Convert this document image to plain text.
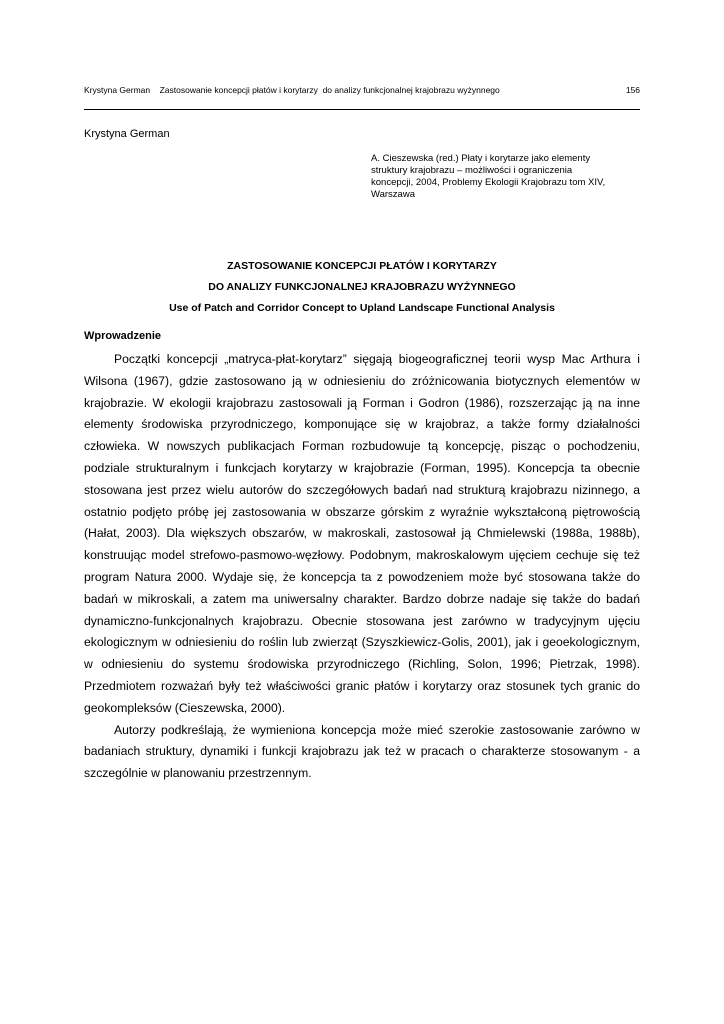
Krystyna German    Zastosowanie koncepcji płatów i korytarzy  do analizy funkcjonalnej krajobrazu wyżynnego	156
Krystyna German
A. Cieszewska (red.) Płaty i korytarze jako elementy struktury krajobrazu – możliwości i ograniczenia koncepcji, 2004, Problemy Ekologii Krajobrazu tom XIV, Warszawa
ZASTOSOWANIE KONCEPCJI PŁATÓW I KORYTARZY
DO ANALIZY FUNKCJONALNEJ KRAJOBRAZU WYŻYNNEGO
Use of Patch and Corridor Concept to Upland Landscape Functional Analysis
Wprowadzenie

Początki koncepcji „matryca-płat-korytarz” sięgają biogeograficznej teorii wysp Mac Arthura i Wilsona (1967), gdzie zastosowano ją w odniesieniu do zróżnicowania biotycznych elementów w krajobrazie. W ekologii krajobrazu zastosowali ją Forman i Godron (1986), rozszerzając ją na inne elementy środowiska przyrodniczego, komponujące się w krajobraz, a także formy działalności człowieka. W nowszych publikacjach Forman rozbudowuje tą koncepcję, pisząc o pochodzeniu, podziale strukturalnym i funkcjach korytarzy w krajobrazie (Forman, 1995). Koncepcja ta obecnie stosowana jest przez wielu autorów do szczegółowych badań nad strukturą krajobrazu nizinnego, a ostatnio podjęto próbę jej zastosowania w obszarze górskim z wyraźnie wykształconą piętrowością (Hałat, 2003). Dla większych obszarów, w makroskali, zastosował ją Chmielewski (1988a, 1988b), konstruując model strefowo-pasmowo-węzłowy. Podobnym, makroskalowym ujęciem cechuje się też program Natura 2000. Wydaje się, że koncepcja ta z powodzeniem może być stosowana także do badań w mikroskali, a zatem ma uniwersalny charakter. Bardzo dobrze nadaje się także do badań dynamiczno-funkcjonalnych krajobrazu. Obecnie stosowana jest zarówno w tradycyjnym ujęciu ekologicznym w odniesieniu do roślin lub zwierząt (Szyszkiewicz-Golis, 2001), jak i geoekologicznym, w odniesieniu do systemu środowiska przyrodniczego (Richling, Solon, 1996; Pietrzak, 1998). Przedmiotem rozważań były też właściwości granic płatów i korytarzy oraz stosunek tych granic do geokompleksów (Cieszewska, 2000).

Autorzy podkreślają, że wymieniona koncepcja może mieć szerokie zastosowanie zarówno w badaniach struktury, dynamiki i funkcji krajobrazu jak też w pracach o charakterze stosowanym - a szczególnie w planowaniu przestrzennym.
